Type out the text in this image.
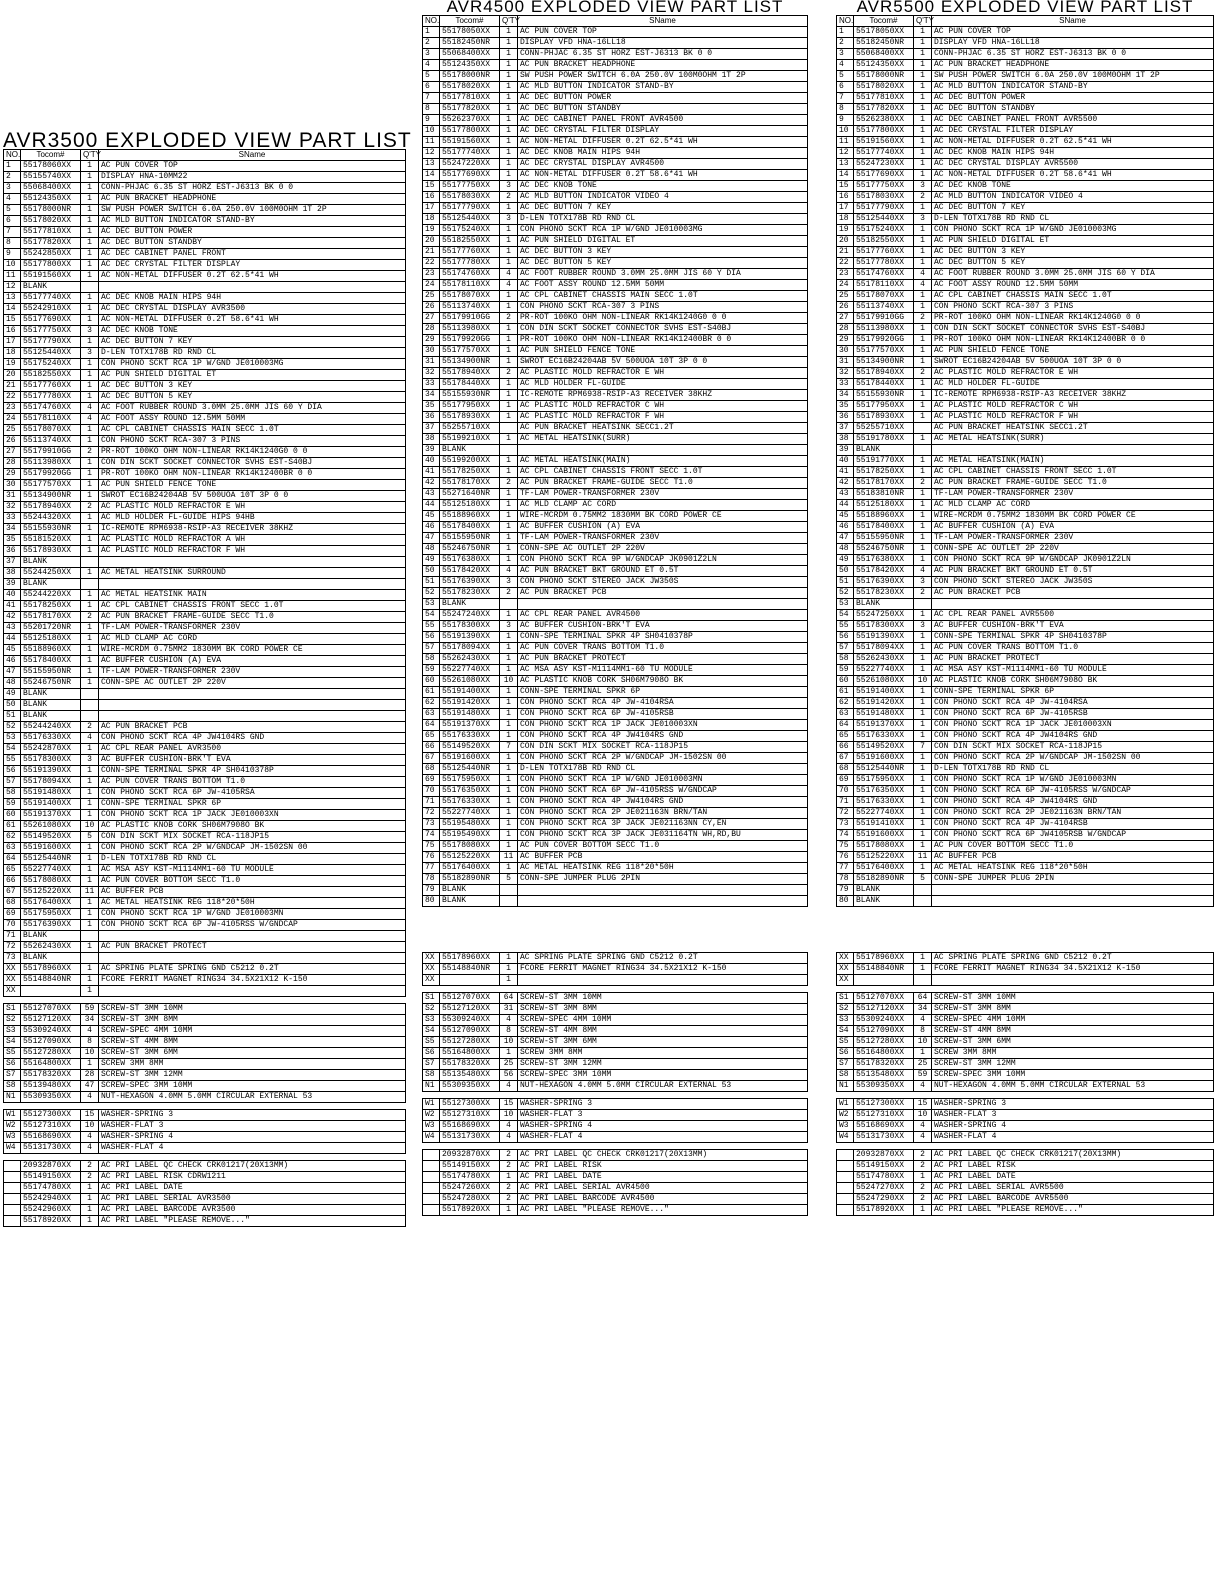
AVR3500 EXPLODED VIEW PART LIST
NO.	Tocom#	Q'TY	SName
1	55178060XX	1	AC PUN COVER TOP
2	55155740XX	1	DISPLAY HNA-10MM22
3	55068400XX	1	CONN-PHJAC 6.35 ST HORZ EST-J6313 BK 0 0
4	55124350XX	1	AC PUN BRACKET HEADPHONE
5	55178000NR	1	SW PUSH POWER SWITCH 6.0A 250.0V 100M0OHM 1T 2P
6	55178020XX	1	AC MLD BUTTON INDICATOR STAND-BY
7	55177810XX	1	AC DEC BUTTON POWER
8	55177820XX	1	AC DEC BUTTON STANDBY
9	55242850XX	1	AC DEC CABINET PANEL FRONT
10	55177800XX	1	AC DEC CRYSTAL FILTER DISPLAY
11	55191560XX	1	AC NON-METAL DIFFUSER 0.2T 62.5*41 WH
12	BLANK		
13	55177740XX	1	AC DEC KNOB MAIN HIPS 94H
14	55242910XX	1	AC DEC CRYSTAL DISPLAY AVR3500
15	55177690XX	1	AC NON-METAL DIFFUSER 0.2T 58.6*41 WH
16	55177750XX	3	AC DEC KNOB TONE
17	55177790XX	1	AC DEC BUTTON 7 KEY
18	55125440XX	3	D-LEN TOTX178B RD RND CL
19	55175240XX	1	CON PHONO SCKT RCA 1P W/GND JE010003MG
20	55182550XX	1	AC PUN SHIELD DIGITAL ET
21	55177760XX	1	AC DEC BUTTON 3 KEY
22	55177780XX	1	AC DEC BUTTON 5 KEY
23	55174760XX	4	AC FOOT RUBBER ROUND 3.0MM 25.0MM JIS 60 Y DIA
24	55178110XX	4	AC FOOT ASSY ROUND 12.5MM 50MM
25	55178070XX	1	AC CPL CABINET CHASSIS MAIN SECC 1.0T
26	55113740XX	1	CON PHONO SCKT RCA-307 3 PINS
27	55179910GG	2	PR-ROT 100KO OHM NON-LINEAR RK14K1240G0 0 0
28	55113980XX	1	CON DIN SCKT SOCKET CONNECTOR SVHS EST-S40BJ
29	55179920GG	1	PR-ROT 100KO OHM NON-LINEAR RK14K12400BR 0 0
30	55177570XX	1	AC PUN SHIELD FENCE TONE
31	55134900NR	1	SWROT EC16B24204AB 5V 500UOA 10T 3P 0 0
32	55178940XX	2	AC PLASTIC MOLD REFRACTOR E WH
33	55244320XX	1	AC MLD HOLDER FL-GUIDE HIPS 94HB
34	55155930NR	1	IC-REMOTE RPM6938-RSIP-A3 RECEIVER 38KHZ
35	55181520XX	1	AC PLASTIC MOLD REFRACTOR A WH
36	55178930XX	1	AC PLASTIC MOLD REFRACTOR F WH
37	BLANK		
38	55244250XX	1	AC METAL HEATSINK SURROUND
39	BLANK		
40	55244220XX	1	AC METAL HEATSINK MAIN
41	55178250XX	1	AC CPL CABINET CHASSIS FRONT SECC 1.0T
42	55178170XX	2	AC PUN BRACKET FRAME-GUIDE SECC T1.0
43	55201720NR	1	TF-LAM POWER-TRANSFORMER 230V
44	55125180XX	1	AC MLD CLAMP AC CORD
45	55188960XX	1	WIRE-MCRDM 0.75MM2 1830MM BK CORD POWER CE
46	55178400XX	1	AC BUFFER CUSHION (A) EVA
47	55155950NR	1	TF-LAM POWER-TRANSFORMER 230V
48	55246750NR	1	CONN-SPE AC OUTLET 2P 220V
49	BLANK		
50	BLANK		
51	BLANK		
52	55244240XX	2	AC PUN BRACKET PCB
53	55176330XX	4	CON PHONO SCKT RCA 4P JW4104RS GND
54	55242870XX	1	AC CPL REAR PANEL AVR3500
55	55178300XX	3	AC BUFFER CUSHION-BRK'T EVA
56	55191390XX	1	CONN-SPE TERMINAL SPKR 4P SH0410378P
57	55178094XX	1	AC PUN COVER TRANS BOTTOM T1.0
58	55191480XX	1	CON PHONO SCKT RCA 6P JW-4105RSA
59	55191400XX	1	CONN-SPE TERMINAL SPKR 6P
60	55191370XX	1	CON PHONO SCKT RCA 1P JACK JE010003XN
61	55261080XX	10	AC PLASTIC KNOB CORK SH06M7908O BK
62	55149520XX	5	CON DIN SCKT MIX SOCKET RCA-118JP15
63	55191600XX	1	CON PHONO SCKT RCA 2P W/GNDCAP JM-1502SN 00
64	55125440NR	1	D-LEN TOTX178B RD RND CL
65	55227740XX	1	AC MSA ASY KST-M1114MM1-60 TU MODULE
66	55178080XX	1	AC PUN COVER BOTTOM SECC T1.0
67	55125220XX	11	AC BUFFER PCB
68	55176400XX	1	AC METAL HEATSINK REG 118*20*50H
69	55175950XX	1	CON PHONO SCKT RCA 1P W/GND JE010003MN
70	55176390XX	1	CON PHONO SCKT RCA 6P JW-4105RSS W/GNDCAP
71	BLANK		
72	55262430XX	1	AC PUN BRACKET PROTECT
73	BLANK		
XX	55178960XX	1	AC SPRING PLATE SPRING GND C5212 0.2T
XX	55148840NR	1	FCORE FERRIT MAGNET RING34 34.5X21X12 K-150
XX		1	
S1	55127070XX	59	SCREW-ST 3MM 10MM
S2	55127120XX	34	SCREW-ST 3MM 8MM
S3	55309240XX	4	SCREW-SPEC 4MM 10MM
S4	55127090XX	8	SCREW-ST 4MM 8MM
S5	55127280XX	10	SCREW-ST 3MM 6MM
S6	55164800XX	1	SCREW 3MM 8MM
S7	55178320XX	28	SCREW-ST 3MM 12MM
S8	55139480XX	47	SCREW-SPEC 3MM 10MM
N1	55309350XX	4	NUT-HEXAGON 4.0MM 5.0MM CIRCULAR EXTERNAL 53
W1	55127300XX	15	WASHER-SPRING 3
W2	55127310XX	10	WASHER-FLAT 3
W3	55168690XX	4	WASHER-SPRING 4
W4	55131730XX	4	WASHER-FLAT 4
	20932870XX	2	AC PRI LABEL QC CHECK CRK01217(20X13MM)
	55149150XX	2	AC PRI LABEL RISK CDRW1211
	55174780XX	1	AC PRI LABEL DATE
	55242940XX	1	AC PRI LABEL SERIAL AVR3500
	55242960XX	1	AC PRI LABEL BARCODE AVR3500
	55178920XX	1	AC PRI LABEL "PLEASE REMOVE..."
AVR4500 EXPLODED VIEW PART LIST
NO.	Tocom#	Q'TY	SName
1	55178050XX	1	AC PUN COVER TOP
2	55182450NR	1	DISPLAY VFD HNA-16LL18
3	55068400XX	1	CONN-PHJAC 6.35 ST HORZ EST-J6313 BK 0 0
4	55124350XX	1	AC PUN BRACKET HEADPHONE
5	55178000NR	1	SW PUSH POWER SWITCH 6.0A 250.0V 100M0OHM 1T 2P
6	55178020XX	1	AC MLD BUTTON INDICATOR STAND-BY
7	55177810XX	1	AC DEC BUTTON POWER
8	55177820XX	1	AC DEC BUTTON STANDBY
9	55262370XX	1	AC DEC CABINET PANEL FRONT AVR4500
10	55177800XX	1	AC DEC CRYSTAL FILTER DISPLAY
11	55191560XX	1	AC NON-METAL DIFFUSER 0.2T 62.5*41 WH
12	55177740XX	1	AC DEC KNOB MAIN HIPS 94H
13	55247220XX	1	AC DEC CRYSTAL DISPLAY AVR4500
14	55177690XX	1	AC NON-METAL DIFFUSER 0.2T 58.6*41 WH
15	55177750XX	3	AC DEC KNOB TONE
16	55178030XX	2	AC MLD BUTTON INDICATOR VIDEO 4
17	55177790XX	1	AC DEC BUTTON 7 KEY
18	55125440XX	3	D-LEN TOTX178B RD RND CL
19	55175240XX	1	CON PHONO SCKT RCA 1P W/GND JE010003MG
20	55182550XX	1	AC PUN SHIELD DIGITAL ET
21	55177760XX	1	AC DEC BUTTON 3 KEY
22	55177780XX	1	AC DEC BUTTON 5 KEY
23	55174760XX	4	AC FOOT RUBBER ROUND 3.0MM 25.0MM JIS 60 Y DIA
24	55178110XX	4	AC FOOT ASSY ROUND 12.5MM 50MM
25	55178070XX	1	AC CPL CABINET CHASSIS MAIN SECC 1.0T
26	55113740XX	1	CON PHONO SCKT RCA-307 3 PINS
27	55179910GG	2	PR-ROT 100KO OHM NON-LINEAR RK14K1240G0 0 0
28	55113980XX	1	CON DIN SCKT SOCKET CONNECTOR SVHS EST-S40BJ
29	55179920GG	1	PR-ROT 100KO OHM NON-LINEAR RK14K12400BR 0 0
30	55177570XX	1	AC PUN SHIELD FENCE TONE
31	55134900NR	1	SWROT EC16B24204AB 5V 500UOA 10T 3P 0 0
32	55178940XX	2	AC PLASTIC MOLD REFRACTOR E WH
33	55178440XX	1	AC MLD HOLDER FL-GUIDE
34	55155930NR	1	IC-REMOTE RPM6938-RSIP-A3 RECEIVER 38KHZ
35	55177950XX	1	AC PLASTIC MOLD REFRACTOR C WH
36	55178930XX	1	AC PLASTIC MOLD REFRACTOR F WH
37	55255710XX		AC PUN BRACKET HEATSINK SECC1.2T
38	55199210XX	1	AC METAL HEATSINK(SURR)
39	BLANK		
40	55199200XX	1	AC METAL HEATSINK(MAIN)
41	55178250XX	1	AC CPL CABINET CHASSIS FRONT SECC 1.0T
42	55178170XX	2	AC PUN BRACKET FRAME-GUIDE SECC T1.0
43	55271640NR	1	TF-LAM POWER-TRANSFORMER 230V
44	55125180XX	1	AC MLD CLAMP AC CORD
45	55188960XX	1	WIRE-MCRDM 0.75MM2 1830MM BK CORD POWER CE
46	55178400XX	1	AC BUFFER CUSHION (A) EVA
47	55155950NR	1	TF-LAM POWER-TRANSFORMER 230V
48	55246750NR	1	CONN-SPE AC OUTLET 2P 220V
49	55176380XX	1	CON PHONO SCKT RCA 9P W/GNDCAP JK0901Z2LN
50	55178420XX	4	AC PUN BRACKET BKT GROUND ET 0.5T
51	55176390XX	3	CON PHONO SCKT STEREO JACK JW350S
52	55178230XX	2	AC PUN BRACKET PCB
53	BLANK		
54	55247240XX	1	AC CPL REAR PANEL AVR4500
55	55178300XX	3	AC BUFFER CUSHION-BRK'T EVA
56	55191390XX	1	CONN-SPE TERMINAL SPKR 4P SH0410378P
57	55178094XX	1	AC PUN COVER TRANS BOTTOM T1.0
58	55262430XX	1	AC PUN BRACKET PROTECT
59	55227740XX	1	AC MSA ASY KST-M1114MM1-60 TU MODULE
60	55261080XX	10	AC PLASTIC KNOB CORK SH06M7908O BK
61	55191400XX	1	CONN-SPE TERMINAL SPKR 6P
62	55191420XX	1	CON PHONO SCKT RCA 4P JW-4104RSA
63	55191480XX	1	CON PHONO SCKT RCA 6P JW-4105RSB
64	55191370XX	1	CON PHONO SCKT RCA 1P JACK JE010003XN
65	55176330XX	1	CON PHONO SCKT RCA 4P JW4104RS GND
66	55149520XX	7	CON DIN SCKT MIX SOCKET RCA-118JP15
67	55191600XX	1	CON PHONO SCKT RCA 2P W/GNDCAP JM-1502SN 00
68	55125440NR	1	D-LEN TOTX178B RD RND CL
69	55175950XX	1	CON PHONO SCKT RCA 1P W/GND JE010003MN
70	55176350XX	1	CON PHONO SCKT RCA 6P JW-4105RSS W/GNDCAP
71	55176330XX	1	CON PHONO SCKT RCA 4P JW4104RS GND
72	55227740XX	1	CON PHONO SCKT RCA 2P JE021163N BRN/TAN
73	55195480XX	1	CON PHONO SCKT RCA 3P JACK JE021163NN CY,EN
74	55195490XX	1	CON PHONO SCKT RCA 3P JACK JE031164TN WH,RD,BU
75	55178080XX	1	AC PUN COVER BOTTOM SECC T1.0
76	55125220XX	11	AC BUFFER PCB
77	55176400XX	1	AC METAL HEATSINK REG 118*20*50H
78	55182890NR	5	CONN-SPE JUMPER PLUG 2PIN
79	BLANK		
80	BLANK		
XX	55178960XX	1	AC SPRING PLATE SPRING GND C5212 0.2T
XX	55148840NR	1	FCORE FERRIT MAGNET RING34 34.5X21X12 K-150
XX		1	
S1	55127070XX	64	SCREW-ST 3MM 10MM
S2	55127120XX	31	SCREW-ST 3MM 8MM
S3	55309240XX	4	SCREW-SPEC 4MM 10MM
S4	55127090XX	8	SCREW-ST 4MM 8MM
S5	55127280XX	10	SCREW-ST 3MM 6MM
S6	55164800XX	1	SCREW 3MM 8MM
S7	55178320XX	25	SCREW-ST 3MM 12MM
S8	55135480XX	56	SCREW-SPEC 3MM 10MM
N1	55309350XX	4	NUT-HEXAGON 4.0MM 5.0MM CIRCULAR EXTERNAL 53
W1	55127300XX	15	WASHER-SPRING 3
W2	55127310XX	10	WASHER-FLAT 3
W3	55168690XX	4	WASHER-SPRING 4
W4	55131730XX	4	WASHER-FLAT 4
	20932870XX	2	AC PRI LABEL QC CHECK CRK01217(20X13MM)
	55149150XX	2	AC PRI LABEL RISK
	55174780XX	1	AC PRI LABEL DATE
	55247260XX	2	AC PRI LABEL SERIAL AVR4500
	55247280XX	2	AC PRI LABEL BARCODE AVR4500
	55178920XX	1	AC PRI LABEL "PLEASE REMOVE..."
AVR5500 EXPLODED VIEW PART LIST
NO.	Tocom#	Q'TY	SName
1	55178050XX	1	AC PUN COVER TOP
2	55182450NR	1	DISPLAY VFD HNA-16LL18
3	55068400XX	1	CONN-PHJAC 6.35 ST HORZ EST-J6313 BK 0 0
4	55124350XX	1	AC PUN BRACKET HEADPHONE
5	55178000NR	1	SW PUSH POWER SWITCH 6.0A 250.0V 100M0OHM 1T 2P
6	55178020XX	1	AC MLD BUTTON INDICATOR STAND-BY
7	55177810XX	1	AC DEC BUTTON POWER
8	55177820XX	1	AC DEC BUTTON STANDBY
9	55262380XX	1	AC DEC CABINET PANEL FRONT AVR5500
10	55177800XX	1	AC DEC CRYSTAL FILTER DISPLAY
11	55191560XX	1	AC NON-METAL DIFFUSER 0.2T 62.5*41 WH
12	55177740XX	1	AC DEC KNOB MAIN HIPS 94H
13	55247230XX	1	AC DEC CRYSTAL DISPLAY AVR5500
14	55177690XX	1	AC NON-METAL DIFFUSER 0.2T 58.6*41 WH
15	55177750XX	3	AC DEC KNOB TONE
16	55178030XX	2	AC MLD BUTTON INDICATOR VIDEO 4
17	55177790XX	1	AC DEC BUTTON 7 KEY
18	55125440XX	3	D-LEN TOTX178B RD RND CL
19	55175240XX	1	CON PHONO SCKT RCA 1P W/GND JE010003MG
20	55182550XX	1	AC PUN SHIELD DIGITAL ET
21	55177760XX	1	AC DEC BUTTON 3 KEY
22	55177780XX	1	AC DEC BUTTON 5 KEY
23	55174760XX	4	AC FOOT RUBBER ROUND 3.0MM 25.0MM JIS 60 Y DIA
24	55178110XX	4	AC FOOT ASSY ROUND 12.5MM 50MM
25	55178070XX	1	AC CPL CABINET CHASSIS MAIN SECC 1.0T
26	55113740XX	1	CON PHONO SCKT RCA-307 3 PINS
27	55179910GG	2	PR-ROT 100KO OHM NON-LINEAR RK14K1240G0 0 0
28	55113980XX	1	CON DIN SCKT SOCKET CONNECTOR SVHS EST-S40BJ
29	55179920GG	1	PR-ROT 100KO OHM NON-LINEAR RK14K12400BR 0 0
30	55177570XX	1	AC PUN SHIELD FENCE TONE
31	55134900NR	1	SWROT EC16B24204AB 5V 500UOA 10T 3P 0 0
32	55178940XX	2	AC PLASTIC MOLD REFRACTOR E WH
33	55178440XX	1	AC MLD HOLDER FL-GUIDE
34	55155930NR	1	IC-REMOTE RPM6938-RSIP-A3 RECEIVER 38KHZ
35	55177950XX	1	AC PLASTIC MOLD REFRACTOR C WH
36	55178930XX	1	AC PLASTIC MOLD REFRACTOR F WH
37	55255710XX		AC PUN BRACKET HEATSINK SECC1.2T
38	55191780XX	1	AC METAL HEATSINK(SURR)
39	BLANK		
40	55191770XX	1	AC METAL HEATSINK(MAIN)
41	55178250XX	1	AC CPL CABINET CHASSIS FRONT SECC 1.0T
42	55178170XX	2	AC PUN BRACKET FRAME-GUIDE SECC T1.0
43	55183810NR	1	TF-LAM POWER-TRANSFORMER 230V
44	55125180XX	1	AC MLD CLAMP AC CORD
45	55188960XX	1	WIRE-MCRDM 0.75MM2 1830MM BK CORD POWER CE
46	55178400XX	1	AC BUFFER CUSHION (A) EVA
47	55155950NR	1	TF-LAM POWER-TRANSFORMER 230V
48	55246750NR	1	CONN-SPE AC OUTLET 2P 220V
49	55176380XX	1	CON PHONO SCKT RCA 9P W/GNDCAP JK0901Z2LN
50	55178420XX	4	AC PUN BRACKET BKT GROUND ET 0.5T
51	55176390XX	3	CON PHONO SCKT STEREO JACK JW350S
52	55178230XX	2	AC PUN BRACKET PCB
53	BLANK		
54	55247250XX	1	AC CPL REAR PANEL AVR5500
55	55178300XX	3	AC BUFFER CUSHION-BRK'T EVA
56	55191390XX	1	CONN-SPE TERMINAL SPKR 4P SH0410378P
57	55178094XX	1	AC PUN COVER TRANS BOTTOM T1.0
58	55262430XX	1	AC PUN BRACKET PROTECT
59	55227740XX	1	AC MSA ASY KST-M1114MM1-60 TU MODULE
60	55261080XX	10	AC PLASTIC KNOB CORK SH06M7908O BK
61	55191400XX	1	CONN-SPE TERMINAL SPKR 6P
62	55191420XX	1	CON PHONO SCKT RCA 4P JW-4104RSA
63	55191480XX	1	CON PHONO SCKT RCA 6P JW-4105RSB
64	55191370XX	1	CON PHONO SCKT RCA 1P JACK JE010003XN
65	55176330XX	1	CON PHONO SCKT RCA 4P JW4104RS GND
66	55149520XX	7	CON DIN SCKT MIX SOCKET RCA-118JP15
67	55191600XX	1	CON PHONO SCKT RCA 2P W/GNDCAP JM-1502SN 00
68	55125440NR	1	D-LEN TOTX178B RD RND CL
69	55175950XX	1	CON PHONO SCKT RCA 1P W/GND JE010003MN
70	55176350XX	1	CON PHONO SCKT RCA 6P JW-4105RSS W/GNDCAP
71	55176330XX	1	CON PHONO SCKT RCA 4P JW4104RS GND
72	55227740XX	1	CON PHONO SCKT RCA 2P JE021163N BRN/TAN
73	55191410XX	1	CON PHONO SCKT RCA 4P JW-4104RSB
74	55191600XX	1	CON PHONO SCKT RCA 6P JW4105RSB W/GNDCAP
75	55178080XX	1	AC PUN COVER BOTTOM SECC T1.0
76	55125220XX	11	AC BUFFER PCB
77	55176400XX	1	AC METAL HEATSINK REG 118*20*50H
78	55182890NR	5	CONN-SPE JUMPER PLUG 2PIN
79	BLANK		
80	BLANK		
XX	55178960XX	1	AC SPRING PLATE SPRING GND C5212 0.2T
XX	55148840NR	1	FCORE FERRIT MAGNET RING34 34.5X21X12 K-150
XX			
S1	55127070XX	64	SCREW-ST 3MM 10MM
S2	55127120XX	34	SCREW-ST 3MM 8MM
S3	55309240XX	4	SCREW-SPEC 4MM 10MM
S4	55127090XX	8	SCREW-ST 4MM 8MM
S5	55127280XX	10	SCREW-ST 3MM 6MM
S6	55164800XX	1	SCREW 3MM 8MM
S7	55178320XX	25	SCREW-ST 3MM 12MM
S8	55135480XX	59	SCREW-SPEC 3MM 10MM
N1	55309350XX	4	NUT-HEXAGON 4.0MM 5.0MM CIRCULAR EXTERNAL 53
W1	55127300XX	15	WASHER-SPRING 3
W2	55127310XX	10	WASHER-FLAT 3
W3	55168690XX	4	WASHER-SPRING 4
W4	55131730XX	4	WASHER-FLAT 4
	20932870XX	2	AC PRI LABEL QC CHECK CRK01217(20X13MM)
	55149150XX	2	AC PRI LABEL RISK
	55174780XX	1	AC PRI LABEL DATE
	55247270XX	2	AC PRI LABEL SERIAL AVR5500
	55247290XX	2	AC PRI LABEL BARCODE AVR5500
	55178920XX	1	AC PRI LABEL "PLEASE REMOVE..."
